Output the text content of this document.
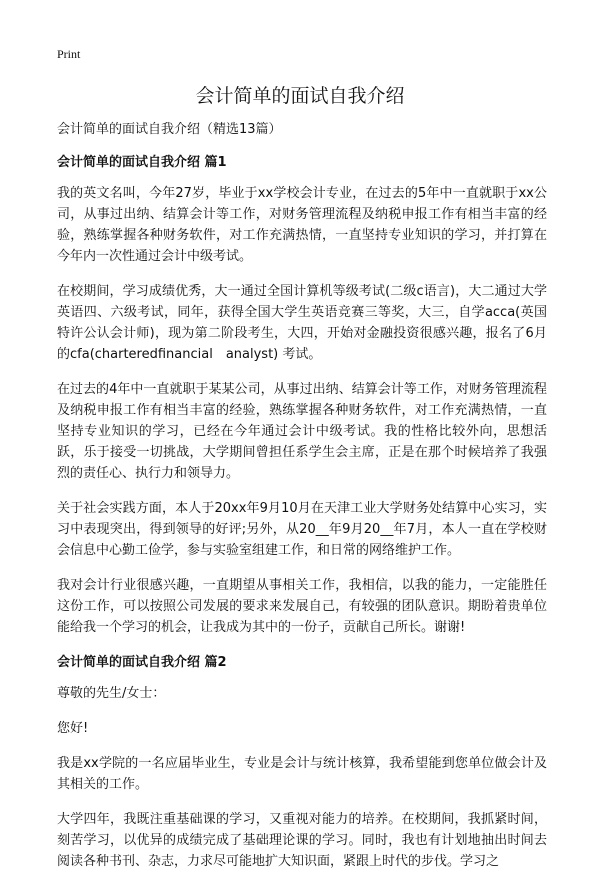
Print
会计简单的面试自我介绍
会计简单的面试自我介绍（精选13篇）
会计简单的面试自我介绍 篇1

我的英文名叫，今年27岁，毕业于xx学校会计专业，在过去的5年中一直就职于xx公司，从事过出纳、结算会计等工作，对财务管理流程及纳税申报工作有相当丰富的经验，熟练掌握各种财务软件，对工作充满热情，一直坚持专业知识的学习，并打算在今年内一次性通过会计中级考试。

在校期间，学习成绩优秀，大一通过全国计算机等级考试(二级c语言)，大二通过大学英语四、六级考试，同年，获得全国大学生英语竞赛三等奖，大三，自学acca(英国特许公认会计师)，现为第二阶段考生，大四，开始对金融投资很感兴趣，报名了6月的cfa(charteredfinancial　analyst) 考试。

在过去的4年中一直就职于某某公司，从事过出纳、结算会计等工作，对财务管理流程及纳税申报工作有相当丰富的经验，熟练掌握各种财务软件，对工作充满热情，一直坚持专业知识的学习，已经在今年通过会计中级考试。我的性格比较外向，思想活跃，乐于接受一切挑战，大学期间曾担任系学生会主席，正是在那个时候培养了我强烈的责任心、执行力和领导力。

关于社会实践方面，本人于20xx年9月10月在天津工业大学财务处结算中心实习，实习中表现突出，得到领导的好评;另外，从20__年9月20__年7月，本人一直在学校财会信息中心勤工俭学，参与实验室组建工作，和日常的网络维护工作。

我对会计行业很感兴趣，一直期望从事相关工作，我相信，以我的能力，一定能胜任这份工作，可以按照公司发展的要求来发展自己，有较强的团队意识。期盼着贵单位能给我一个学习的机会，让我成为其中的一份子，贡献自己所长。谢谢!

会计简单的面试自我介绍 篇2

尊敬的先生/女士：

您好!

我是xx学院的一名应届毕业生，专业是会计与统计核算，我希望能到您单位做会计及其相关的工作。

大学四年，我既注重基础课的学习，又重视对能力的培养。在校期间，我抓紧时间，刻苦学习，以优异的成绩完成了基础理论课的学习。同时，我也有计划地抽出时间去阅读各种书刊、杂志，力求尽可能地扩大知识面，紧跟上时代的步伐。学习之
